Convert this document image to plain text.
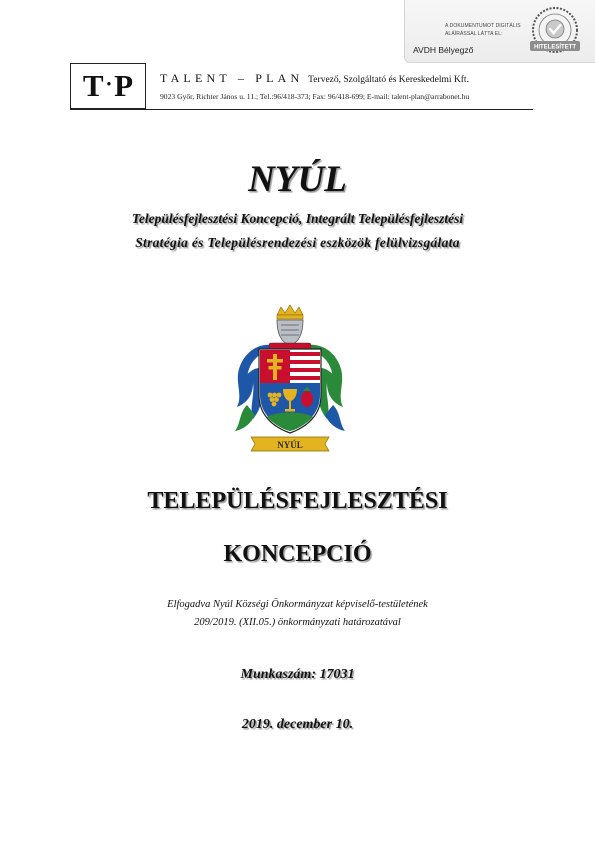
A DOKUMENTUMOT DIGITÁLIS
ALÁÍRÁSSAL LÁTTA EL:
AVDH Bélyegző	HITELESÍTETT
T • P TALENT – PLAN Tervező, Szolgáltató és Kereskedelmi Kft.
9023 Győr, Richter János u. 11.; Tel.:96/418-373; Fax: 96/418-699; E-mail: talent-plan@arrabonet.hu
NYÚL
Településfejlesztési Koncepció, Integrált Településfejlesztési
Stratégia és Településrendezési eszközök felülvizsgálata
NYÚL
TELEPÜLÉSFEJLESZTÉSI
KONCEPCIÓ
Elfogadva Nyúl Községi Önkormányzat képviselő-testületének
209/2019. (XII.05.) önkormányzati határozatával
Munkaszám: 17031
2019. december 10.
